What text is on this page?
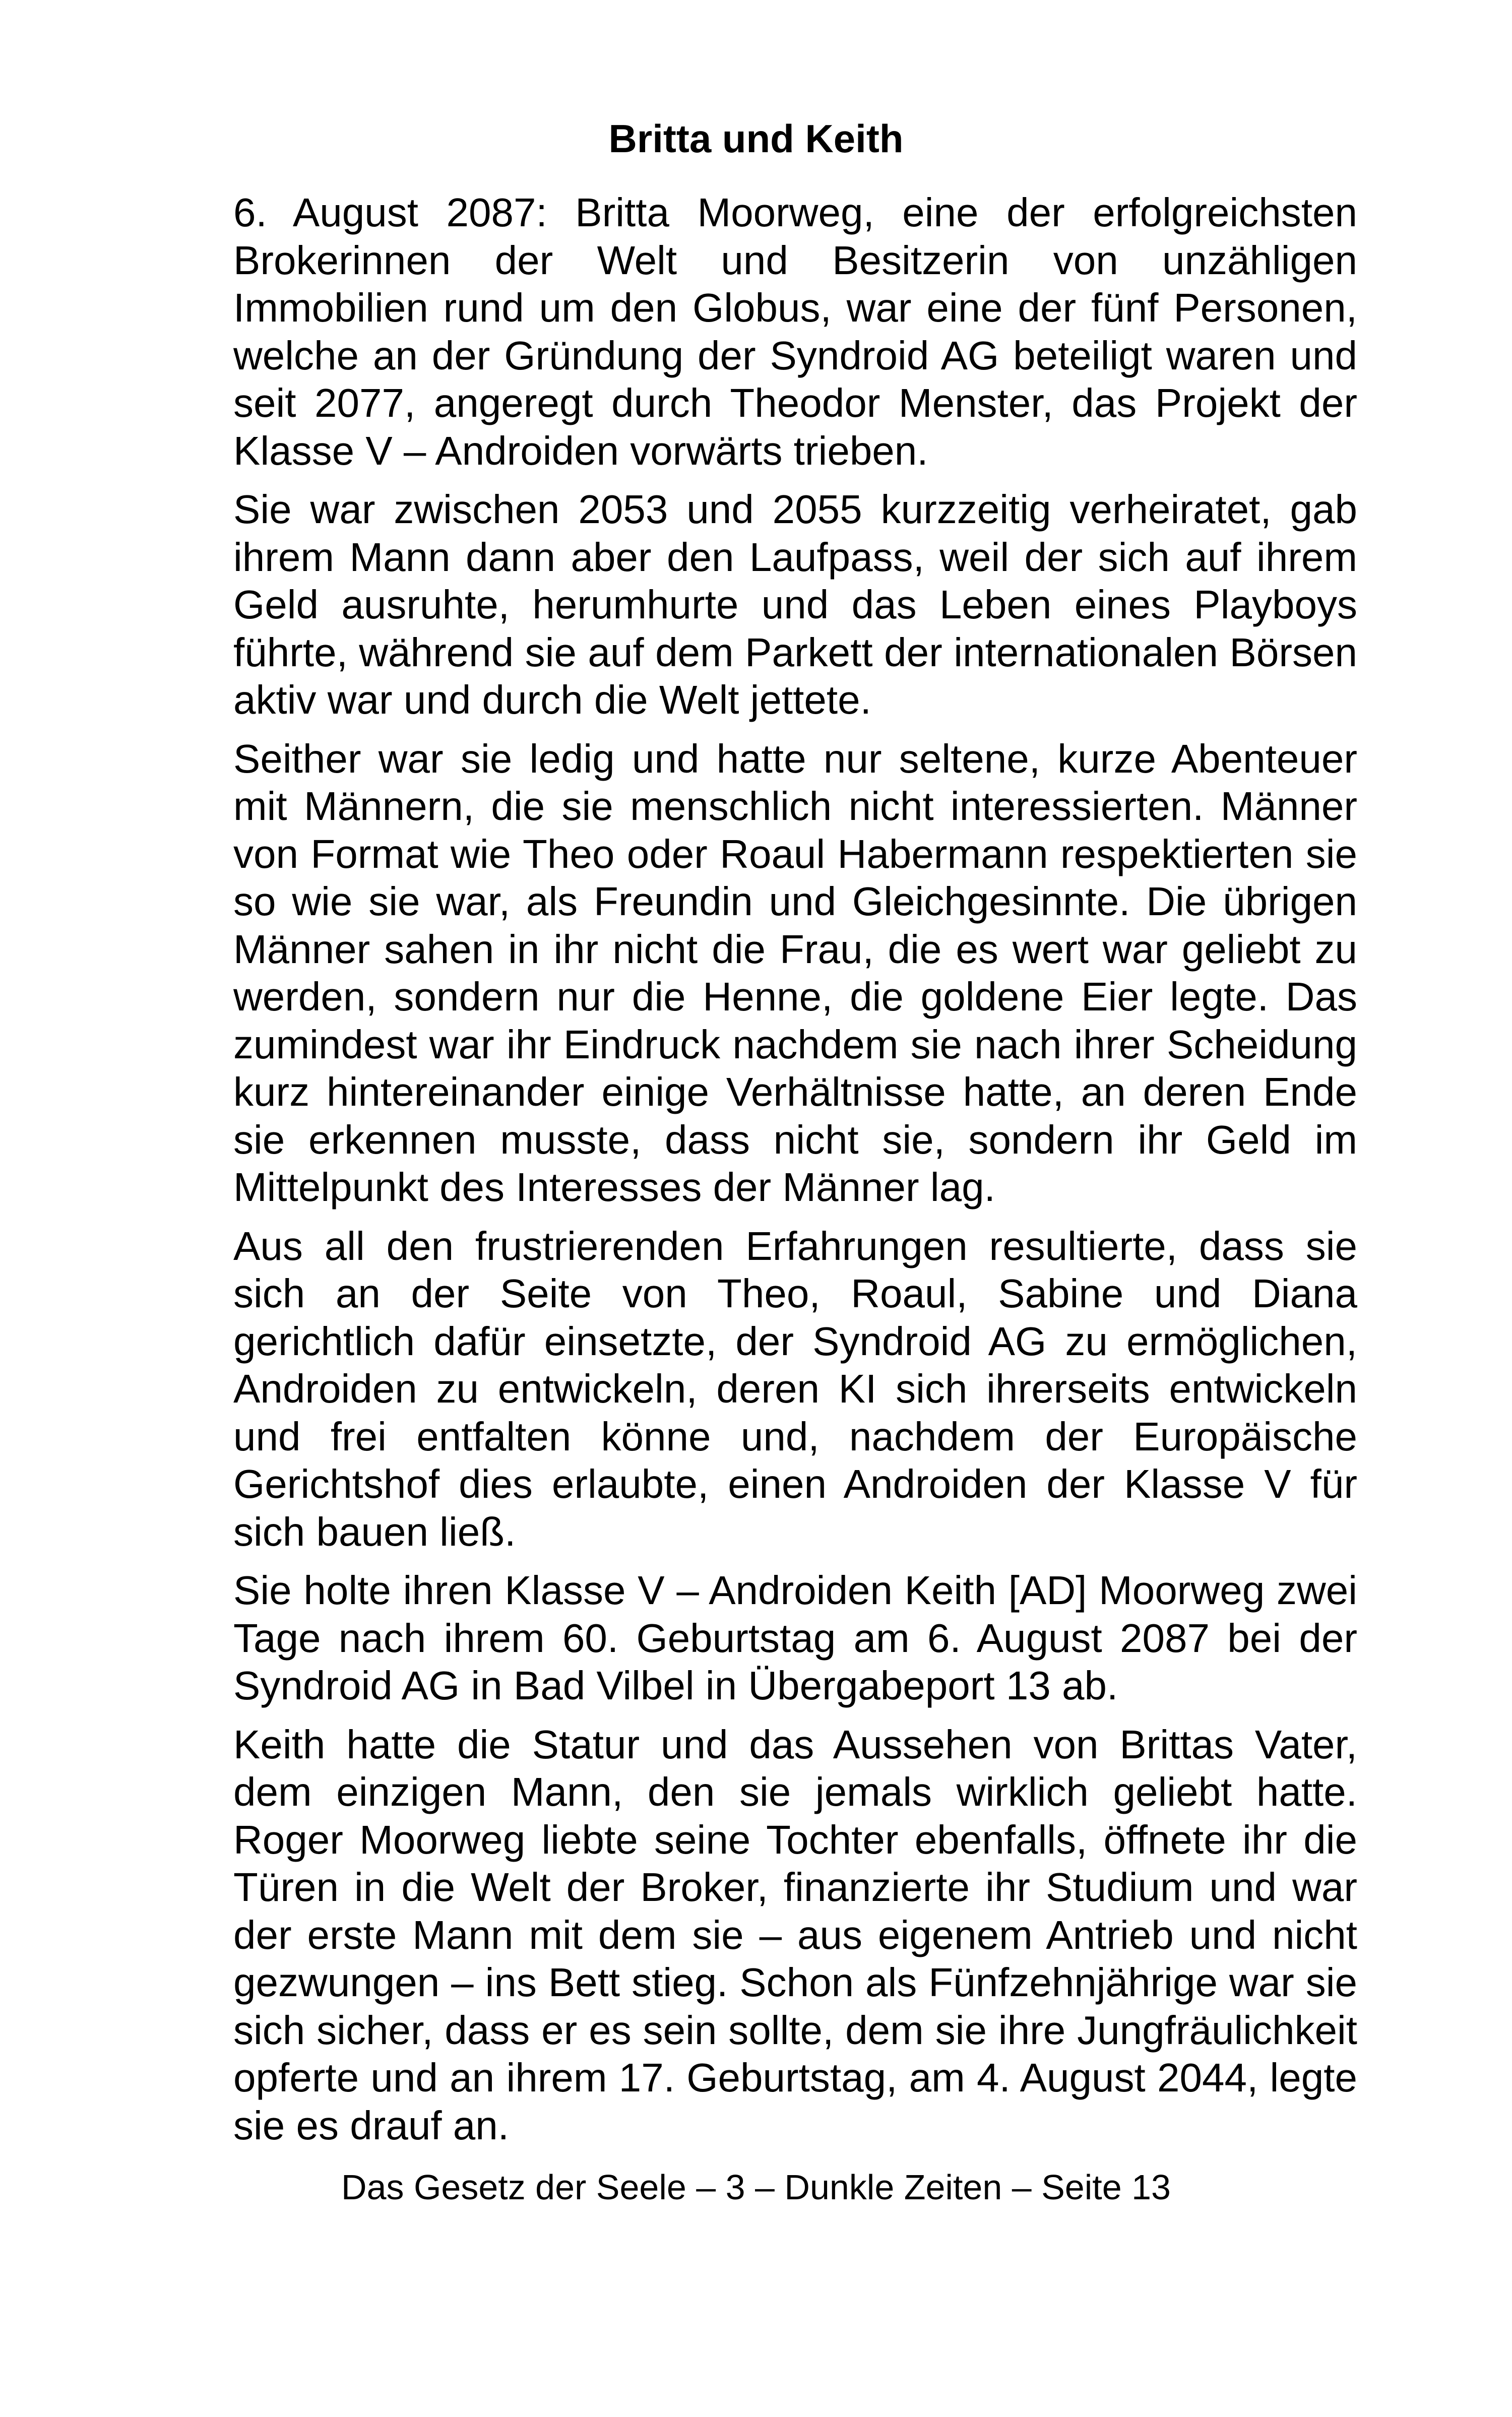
Britta und Keith

6. August 2087: Britta Moorweg, eine der erfolgreichsten Brokerinnen der Welt und Besitzerin von unzähligen Immobilien rund um den Globus, war eine der fünf Personen, welche an der Gründung der Syndroid AG beteiligt waren und seit 2077, angeregt durch Theodor Menster, das Projekt der Klasse V – Androiden vorwärts trieben.

Sie war zwischen 2053 und 2055 kurzzeitig verheiratet, gab ihrem Mann dann aber den Laufpass, weil der sich auf ihrem Geld ausruhte, herumhurte und das Leben eines Playboys führte, während sie auf dem Parkett der internationalen Börsen aktiv war und durch die Welt jettete.

Seither war sie ledig und hatte nur seltene, kurze Abenteuer mit Männern, die sie menschlich nicht interessierten. Männer von Format wie Theo oder Roaul Habermann respektierten sie so wie sie war, als Freundin und Gleichgesinnte. Die übrigen Männer sahen in ihr nicht die Frau, die es wert war geliebt zu werden, sondern nur die Henne, die goldene Eier legte. Das zumindest war ihr Eindruck nachdem sie nach ihrer Scheidung kurz hintereinander einige Verhältnisse hatte, an deren Ende sie erkennen musste, dass nicht sie, sondern ihr Geld im Mittelpunkt des Interesses der Männer lag.

Aus all den frustrierenden Erfahrungen resultierte, dass sie sich an der Seite von Theo, Roaul, Sabine und Diana gerichtlich dafür einsetzte, der Syndroid AG zu ermöglichen, Androiden zu entwickeln, deren KI sich ihrerseits entwickeln und frei entfalten könne und, nachdem der Europäische Gerichtshof dies erlaubte, einen Androiden der Klasse V für sich bauen ließ.

Sie holte ihren Klasse V – Androiden Keith [AD] Moorweg zwei Tage nach ihrem 60. Geburtstag am 6. August 2087 bei der Syndroid AG in Bad Vilbel in Übergabeport 13 ab.

Keith hatte die Statur und das Aussehen von Brittas Vater, dem einzigen Mann, den sie jemals wirklich geliebt hatte. Roger Moorweg liebte seine Tochter ebenfalls, öffnete ihr die Türen in die Welt der Broker, finanzierte ihr Studium und war der erste Mann mit dem sie – aus eigenem Antrieb und nicht gezwungen – ins Bett stieg. Schon als Fünfzehnjährige war sie sich sicher, dass er es sein sollte, dem sie ihre Jungfräulichkeit opferte und an ihrem 17. Geburtstag, am 4. August 2044, legte sie es drauf an.

Das Gesetz der Seele – 3 – Dunkle Zeiten – Seite 13
